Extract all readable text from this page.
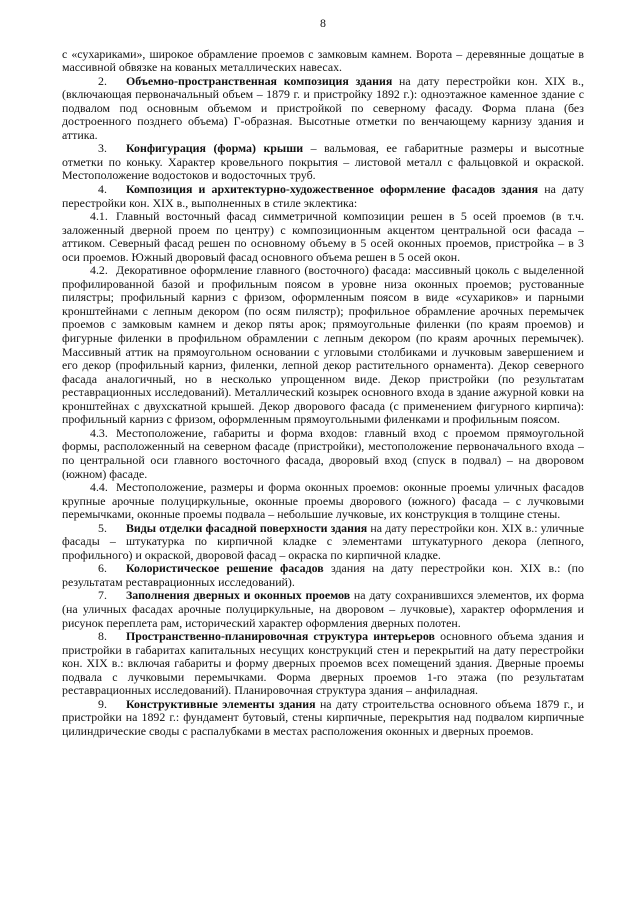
8

с «сухариками», широкое обрамление проемов с замковым камнем. Ворота – деревянные дощатые в массивной обвязке на кованых металлических навесах.

2. Объемно-пространственная композиция здания на дату перестройки кон. XIX в., (включающая первоначальный объем – 1879 г. и пристройку 1892 г.): одноэтажное каменное здание с подвалом под основным объемом и пристройкой по северному фасаду. Форма плана (без достроенного позднего объема) Г-образная. Высотные отметки по венчающему карнизу здания и аттика.

3. Конфигурация (форма) крыши – вальмовая, ее габаритные размеры и высотные отметки по коньку. Характер кровельного покрытия – листовой металл с фальцовкой и окраской. Местоположение водостоков и водосточных труб.

4. Композиция и архитектурно-художественное оформление фасадов здания на дату перестройки кон. XIX в., выполненных в стиле эклектика:

4.1. Главный восточный фасад симметричной композиции решен в 5 осей проемов (в т.ч. заложенный дверной проем по центру) с композиционным акцентом центральной оси фасада – аттиком. Северный фасад решен по основному объему в 5 осей оконных проемов, пристройка – в 3 оси проемов. Южный дворовый фасад основного объема решен в 5 осей окон.

4.2. Декоративное оформление главного (восточного) фасада: массивный цоколь с выделенной профилированной базой и профильным поясом в уровне низа оконных проемов; рустованные пилястры; профильный карниз с фризом, оформленным поясом в виде «сухариков» и парными кронштейнами с лепным декором (по осям пилястр); профильное обрамление арочных перемычек проемов с замковым камнем и декор пяты арок; прямоугольные филенки (по краям проемов) и фигурные филенки в профильном обрамлении с лепным декором (по краям арочных перемычек). Массивный аттик на прямоугольном основании с угловыми столбиками и лучковым завершением и его декор (профильный карниз, филенки, лепной декор растительного орнамента). Декор северного фасада аналогичный, но в несколько упрощенном виде. Декор пристройки (по результатам реставрационных исследований). Металлический козырек основного входа в здание ажурной ковки на кронштейнах с двухскатной крышей. Декор дворового фасада (с применением фигурного кирпича): профильный карниз с фризом, оформленным прямоугольными филенками и профильным поясом.

4.3. Местоположение, габариты и форма входов: главный вход с проемом прямоугольной формы, расположенный на северном фасаде (пристройки), местоположение первоначального входа – по центральной оси главного восточного фасада, дворовый вход (спуск в подвал) – на дворовом (южном) фасаде.

4.4. Местоположение, размеры и форма оконных проемов: оконные проемы уличных фасадов крупные арочные полуциркульные, оконные проемы дворового (южного) фасада – с лучковыми перемычками, оконные проемы подвала – небольшие лучковые, их конструкция в толщине стены.

5. Виды отделки фасадной поверхности здания на дату перестройки кон. XIX в.: уличные фасады – штукатурка по кирпичной кладке с элементами штукатурного декора (лепного, профильного) и окраской, дворовой фасад – окраска по кирпичной кладке.

6. Колористическое решение фасадов здания на дату перестройки кон. XIX в.: (по результатам реставрационных исследований).

7. Заполнения дверных и оконных проемов на дату сохранившихся элементов, их форма (на уличных фасадах арочные полуциркульные, на дворовом – лучковые), характер оформления и рисунок переплета рам, исторический характер оформления дверных полотен.

8. Пространственно-планировочная структура интерьеров основного объема здания и пристройки в габаритах капитальных несущих конструкций стен и перекрытий на дату перестройки кон. XIX в.: включая габариты и форму дверных проемов всех помещений здания. Дверные проемы подвала с лучковыми перемычками. Форма дверных проемов 1-го этажа (по результатам реставрационных исследований). Планировочная структура здания – анфиладная.

9. Конструктивные элементы здания на дату строительства основного объема 1879 г., и пристройки на 1892 г.: фундамент бутовый, стены кирпичные, перекрытия над подвалом кирпичные цилиндрические своды с распалубками в местах расположения оконных и дверных проемов.
